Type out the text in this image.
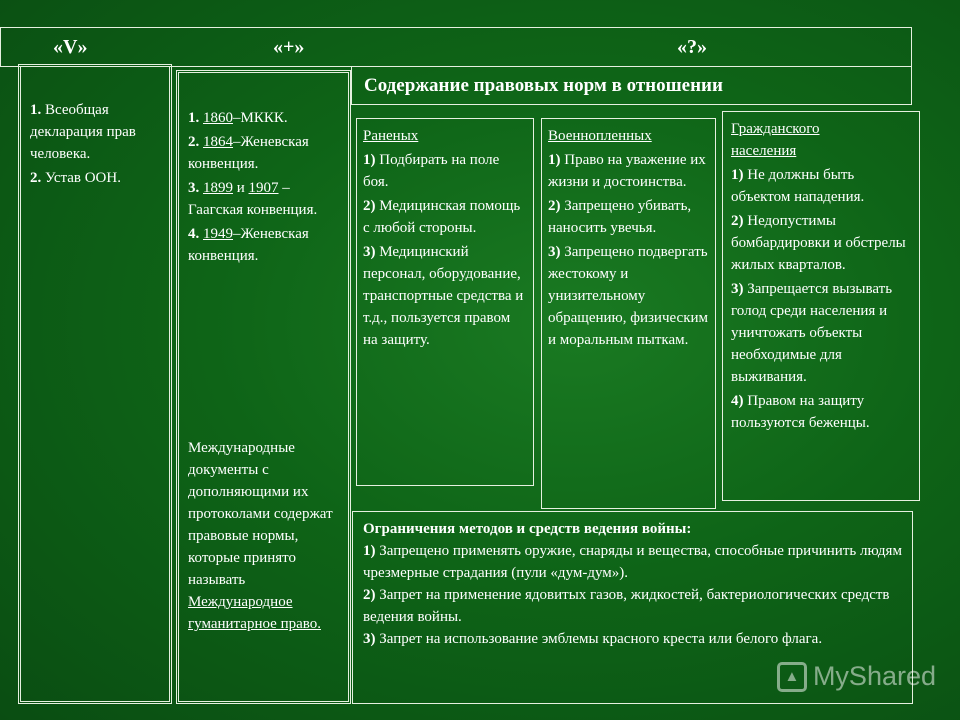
«V»	«+»	«?»

1. Всеобщая декларация прав человека.

2. Устав ООН.

1. 1860–МККК.

2. 1864–Женевская конвенция.

3. 1899 и 1907 – Гаагская конвенция.

4. 1949–Женевская конвенция.

Международные документы с дополняющими их протоколами содержат правовые нормы, которые принято называть Международное гуманитарное право.

Содержание правовых норм в отношении

Раненых

1) Подбирать на поле боя.

2) Медицинская помощь с любой стороны.

3) Медицинский персонал, оборудование, транспортные средства и т.д., пользуется правом на защиту.

Военнопленных

1) Право на уважение их жизни и достоинства.

2) Запрещено убивать, наносить увечья.

3) Запрещено подвергать жестокому и унизительному обращению, физическим и моральным пыткам.

Гражданского населения

1) Не должны быть объектом нападения.

2) Недопустимы бомбардировки и обстрелы жилых кварталов.

3) Запрещается вызывать голод среди населения и уничтожать объекты необходимые для выживания.

4) Правом на защиту пользуются беженцы.

Ограничения методов и средств ведения войны:

1) Запрещено применять оружие, снаряды и вещества, способные причинить людям чрезмерные страдания (пули «дум-дум»).

2) Запрет на применение ядовитых газов, жидкостей, бактериологических средств ведения войны.

3) Запрет на использование эмблемы красного креста или белого флага.

▲ MyShared
